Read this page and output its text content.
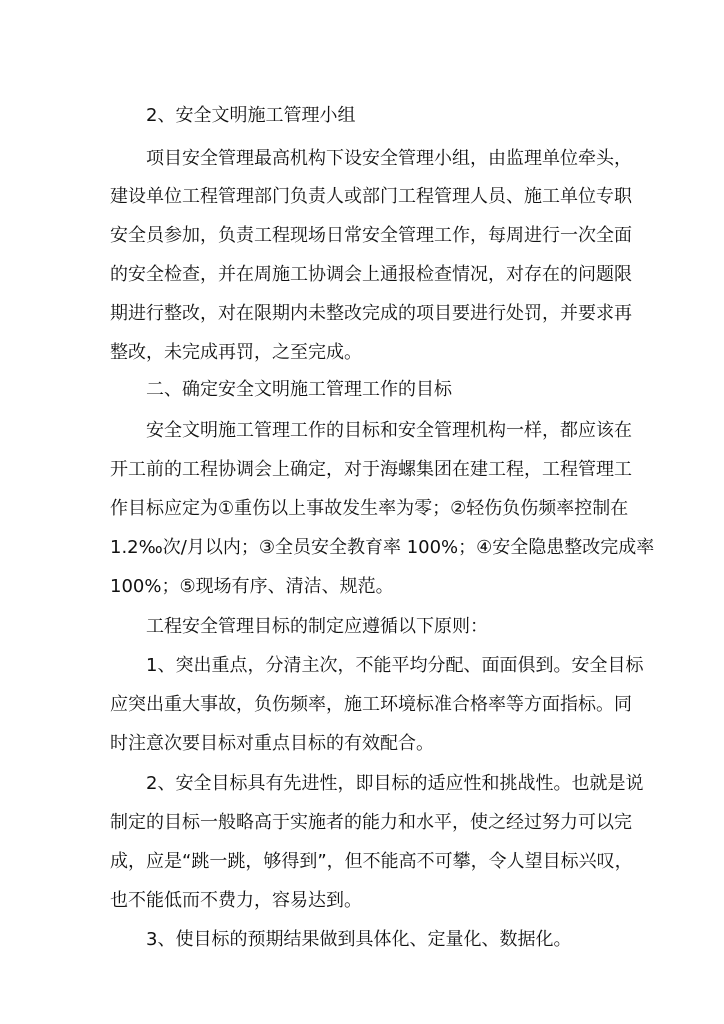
2、安全文明施工管理小组

项目安全管理最高机构下设安全管理小组，由监理单位牵头，

建设单位工程管理部门负责人或部门工程管理人员、施工单位专职

安全员参加，负责工程现场日常安全管理工作，每周进行一次全面

的安全检查，并在周施工协调会上通报检查情况，对存在的问题限

期进行整改，对在限期内未整改完成的项目要进行处罚，并要求再

整改，未完成再罚，之至完成。

二、确定安全文明施工管理工作的目标

安全文明施工管理工作的目标和安全管理机构一样，都应该在

开工前的工程协调会上确定，对于海螺集团在建工程，工程管理工

作目标应定为①重伤以上事故发生率为零；②轻伤负伤频率控制在

1.2‰次/月以内；③全员安全教育率 100%；④安全隐患整改完成率

100%；⑤现场有序、清洁、规范。

工程安全管理目标的制定应遵循以下原则：

1、突出重点，分清主次，不能平均分配、面面俱到。安全目标

应突出重大事故，负伤频率，施工环境标准合格率等方面指标。同

时注意次要目标对重点目标的有效配合。

2、安全目标具有先进性，即目标的适应性和挑战性。也就是说

制定的目标一般略高于实施者的能力和水平，使之经过努力可以完

成，应是“跳一跳，够得到”，但不能高不可攀，令人望目标兴叹，

也不能低而不费力，容易达到。

3、使目标的预期结果做到具体化、定量化、数据化。
